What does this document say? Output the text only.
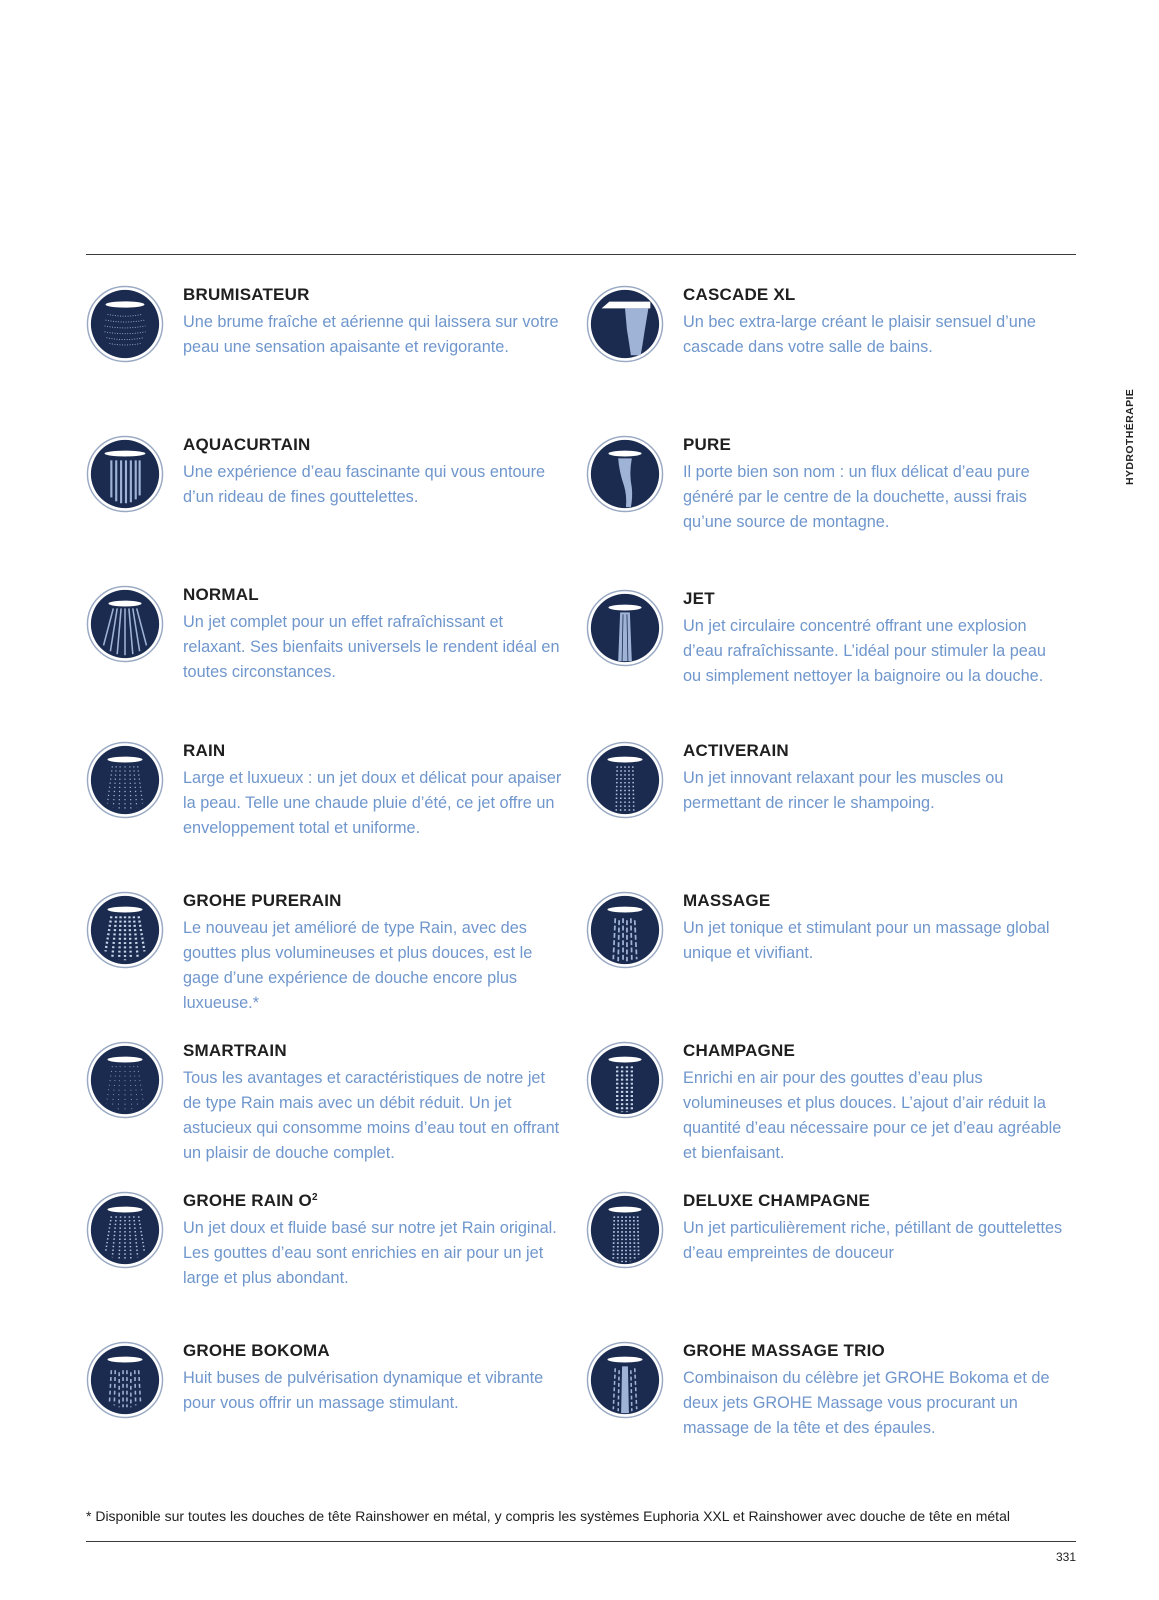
HYDROTHÉRAPIE

BRUMISATEUR

Une brume fraîche et aérienne qui laissera sur votre peau une sensation apaisante et revigorante.

AQUACURTAIN

Une expérience d’eau fascinante qui vous entoure d’un rideau de fines gouttelettes.

NORMAL

Un jet complet pour un effet rafraîchissant et relaxant. Ses bienfaits universels le rendent idéal en toutes circonstances.

RAIN

Large et luxueux : un jet doux et délicat pour apaiser la peau. Telle une chaude pluie d’été, ce jet offre un enveloppement total et uniforme.

GROHE PURERAIN

Le nouveau jet amélioré de type Rain, avec des gouttes plus volumineuses et plus douces, est le gage d’une expérience de douche encore plus luxueuse.*

SMARTRAIN

Tous les avantages et caractéristiques de notre jet de type Rain mais avec un débit réduit. Un jet astucieux qui consomme moins d’eau tout en offrant un plaisir de douche complet.

GROHE RAIN $O^2$

Un jet doux et fluide basé sur notre jet Rain original. Les gouttes d’eau sont enrichies en air pour un jet large et plus abondant.

GROHE BOKOMA

Huit buses de pulvérisation dynamique et vibrante pour vous offrir un massage stimulant.

CASCADE XL

Un bec extra-large créant le plaisir sensuel d’une cascade dans votre salle de bains.

PURE

Il porte bien son nom : un flux délicat d’eau pure généré par le centre de la douchette, aussi frais qu’une source de montagne.

JET

Un jet circulaire concentré offrant une explosion d’eau rafraîchissante. L’idéal pour stimuler la peau ou simplement nettoyer la baignoire ou la douche.

ACTIVERAIN

Un jet innovant relaxant pour les muscles ou permettant de rincer le shampoing.

MASSAGE

Un jet tonique et stimulant pour un massage global unique et vivifiant.

CHAMPAGNE

Enrichi en air pour des gouttes d’eau plus volumineuses et plus douces. L’ajout d’air réduit la quantité d’eau nécessaire pour ce jet d’eau agréable et bienfaisant.

DELUXE CHAMPAGNE

Un jet particulièrement riche, pétillant de gouttelettes d’eau empreintes de douceur

GROHE MASSAGE TRIO

Combinaison du célèbre jet GROHE Bokoma et de deux jets GROHE Massage vous procurant un massage de la tête et des épaules.

* Disponible sur toutes les douches de tête Rainshower en métal, y compris les systèmes Euphoria XXL et Rainshower avec douche de tête en métal
331
